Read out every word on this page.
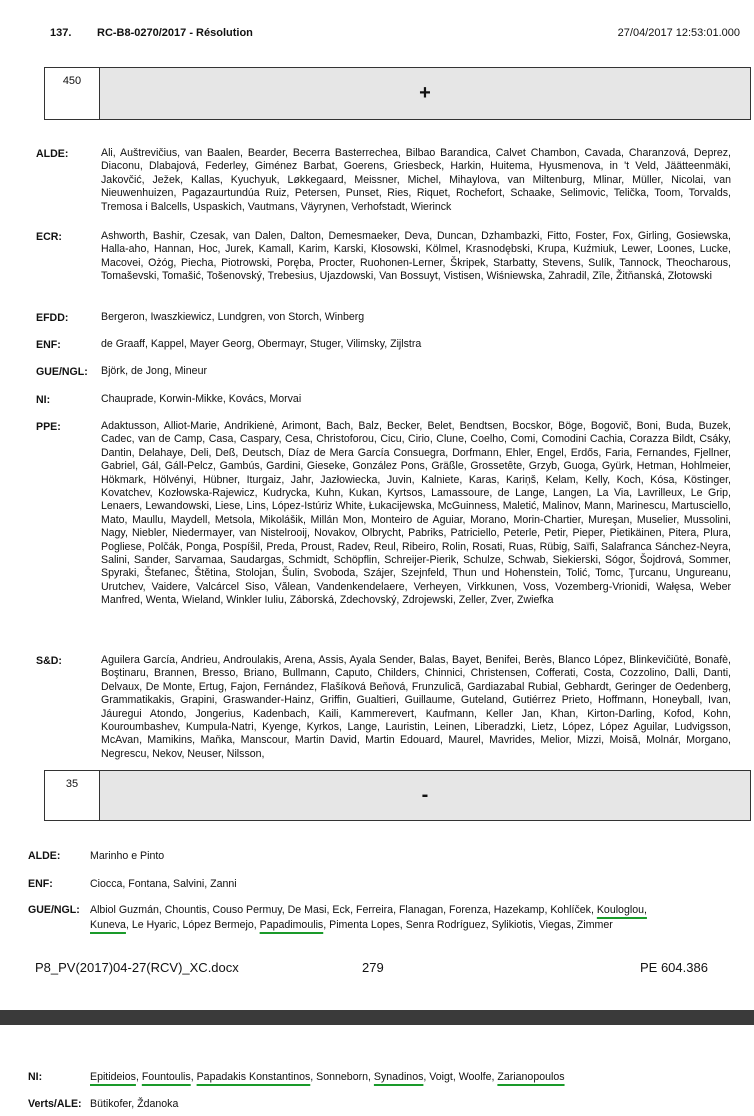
137. RC-B8-0270/2017 - Résolution	27/04/2017 12:53:01.000
450
+
ALDE:	Ali, Auštrevičius, van Baalen, Bearder, Becerra Basterrechea, Bilbao Barandica, Calvet Chambon, Cavada, Charanzová, Deprez, Diaconu, Dlabajová, Federley, Giménez Barbat, Goerens, Griesbeck, Harkin, Huitema, Hyusmenova, in 't Veld, Jäätteenmäki, Jakovčić, Ježek, Kallas, Kyuchyuk, Løkkegaard, Meissner, Michel, Mihaylova, van Miltenburg, Mlinar, Müller, Nicolai, van Nieuwenhuizen, Pagazaurtundúa Ruiz, Petersen, Punset, Ries, Riquet, Rochefort, Schaake, Selimovic, Telička, Toom, Torvalds, Tremosa i Balcells, Uspaskich, Vautmans, Väyrynen, Verhofstadt, Wierinck
ECR:	Ashworth, Bashir, Czesak, van Dalen, Dalton, Demesmaeker, Deva, Duncan, Dzhambazki, Fitto, Foster, Fox, Girling, Gosiewska, Halla-aho, Hannan, Hoc, Jurek, Kamall, Karim, Karski, Kłosowski, Kölmel, Krasnodębski, Krupa, Kuźmiuk, Lewer, Loones, Lucke, Macovei, Ożóg, Piecha, Piotrowski, Poręba, Procter, Ruohonen-Lerner, Škripek, Starbatty, Stevens, Sulík, Tannock, Theocharous, Tomaševski, Tomašić, Tošenovský, Trebesius, Ujazdowski, Van Bossuyt, Vistisen, Wiśniewska, Zahradil, Zīle, Žitňanská, Złotowski
EFDD:	Bergeron, Iwaszkiewicz, Lundgren, von Storch, Winberg
ENF:	de Graaff, Kappel, Mayer Georg, Obermayr, Stuger, Vilimsky, Zijlstra
GUE/NGL: Björk, de Jong, Mineur
NI:	Chauprade, Korwin-Mikke, Kovács, Morvai
PPE:	Adaktusson, Alliot-Marie, Andrikienė, Arimont, Bach, Balz, Becker, Belet, Bendtsen, Bocskor, Böge, Bogovič, Boni, Buda, Buzek, Cadec, van de Camp, Casa, Caspary, Cesa, Christoforou, Cicu, Cirio, Clune, Coelho, Comi, Comodini Cachia, Corazza Bildt, Csáky, Dantin, Delahaye, Deli, Deß, Deutsch, Díaz de Mera García Consuegra, Dorfmann, Ehler, Engel, Erdős, Faria, Fernandes, Fjellner, Gabriel, Gál, Gáll-Pelcz, Gambús, Gardini, Gieseke, González Pons, Gräßle, Grossetête, Grzyb, Guoga, Gyürk, Hetman, Hohlmeier, Hökmark, Hölvényi, Hübner, Iturgaiz, Jahr, Jazłowiecka, Juvin, Kalniete, Karas, Kariņš, Kelam, Kelly, Koch, Kósa, Köstinger, Kovatchev, Kozłowska-Rajewicz, Kudrycka, Kuhn, Kukan, Kyrtsos, Lamassoure, de Lange, Langen, La Via, Lavrilleux, Le Grip, Lenaers, Lewandowski, Liese, Lins, López-Istúriz White, Łukacijewska, McGuinness, Maletić, Malinov, Mann, Marinescu, Martusciello, Mato, Maullu, Maydell, Metsola, Mikolášik, Millán Mon, Monteiro de Aguiar, Morano, Morin-Chartier, Mureşan, Muselier, Mussolini, Nagy, Niebler, Niedermayer, van Nistelrooij, Novakov, Olbrycht, Pabriks, Patriciello, Peterle, Petir, Pieper, Pietikäinen, Pitera, Plura, Pogliese, Polčák, Ponga, Pospíšil, Preda, Proust, Radev, Reul, Ribeiro, Rolin, Rosati, Ruas, Rübig, Saïfi, Salafranca Sánchez-Neyra, Salini, Sander, Sarvamaa, Saudargas, Schmidt, Schöpflin, Schreijer-Pierik, Schulze, Schwab, Siekierski, Sógor, Šojdrová, Sommer, Spyraki, Štefanec, Štětina, Stolojan, Šulin, Svoboda, Szájer, Szejnfeld, Thun und Hohenstein, Tolić, Tomc, Ţurcanu, Ungureanu, Urutchev, Vaidere, Valcárcel Siso, Vălean, Vandenkendelaere, Verheyen, Virkkunen, Voss, Vozemberg-Vrionidi, Wałęsa, Weber Manfred, Wenta, Wieland, Winkler Iuliu, Záborská, Zdechovský, Zdrojewski, Zeller, Zver, Zwiefka
S&D:	Aguilera García, Andrieu, Androulakis, Arena, Assis, Ayala Sender, Balas, Bayet, Benifei, Berès, Blanco López, Blinkevičiūtė, Bonafè, Boştinaru, Brannen, Bresso, Briano, Bullmann, Caputo, Childers, Chinnici, Christensen, Cofferati, Costa, Cozzolino, Dalli, Danti, Delvaux, De Monte, Ertug, Fajon, Fernández, Flašíková Beňová, Frunzulică, Gardiazabal Rubial, Gebhardt, Geringer de Oedenberg, Grammatikakis, Grapini, Graswander-Hainz, Griffin, Gualtieri, Guillaume, Guteland, Gutiérrez Prieto, Hoffmann, Honeyball, Ivan, Jáuregui Atondo, Jongerius, Kadenbach, Kaili, Kammerevert, Kaufmann, Keller Jan, Khan, Kirton-Darling, Kofod, Kohn, Kouroumbashev, Kumpula-Natri, Kyenge, Kyrkos, Lange, Lauristin, Leinen, Liberadzki, Lietz, López, López Aguilar, Ludvigsson, McAvan, Mamikins, Maňka, Manscour, Martin David, Martin Edouard, Maurel, Mavrides, Melior, Mizzi, Moisă, Molnár, Morgano, Negrescu, Nekov, Neuser, Nilsson,
35	-
ALDE:	Marinho e Pinto
ENF:	Ciocca, Fontana, Salvini, Zanni
GUE/NGL: Albiol Guzmán, Chountis, Couso Permuy, De Masi, Eck, Ferreira, Flanagan, Forenza, Hazekamp, Kohlíček, Kouloglou,
Kuneva, Le Hyaric, López Bermejo, Papadimoulis, Pimenta Lopes, Senra Rodríguez, Sylikiotis, Viegas, Zimmer
P8_PV(2017)04-27(RCV)_XC.docx	279	PE 604.386
NI:	Epitideios, Fountoulis, Papadakis Konstantinos, Sonneborn, Synadinos, Voigt, Woolfe, Zarianopoulos
Verts/ALE: Bütikofer, Ždanoka
